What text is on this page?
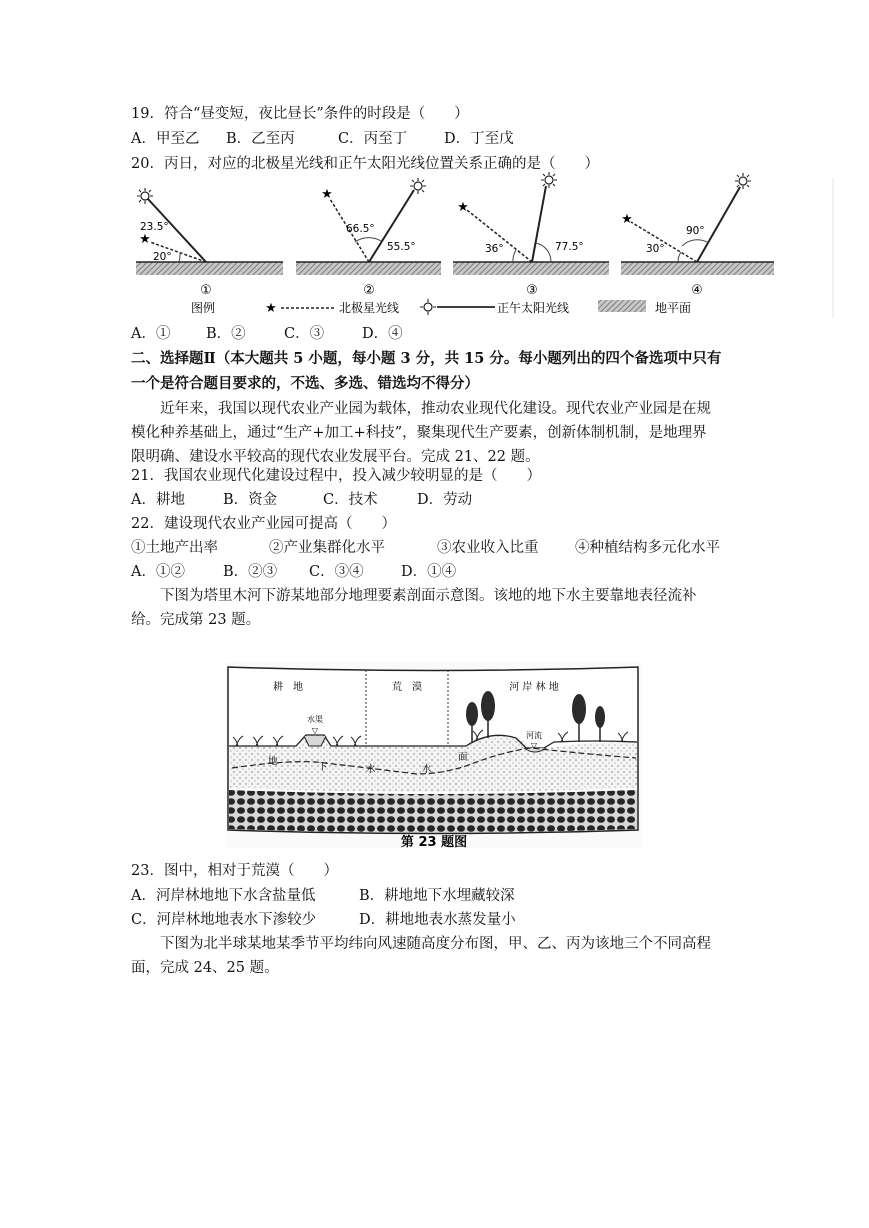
19．符合“昼变短，夜比昼长”条件的时段是（　　）
A．甲至乙 B．乙至丙	C．丙至丁	D．丁至戊
20．丙日，对应的北极星光线和正午太阳光线位置关系正确的是（　　）
★
23.5°
20°
①
★
66.5°
55.5°
②
★
36°	77.5°
③
★
30°
90°
④
图例	★	北极星光线	正午太阳光线	地平面
A．① B．②	C．③	D．④
二、选择题Ⅱ（本大题共 5 小题，每小题 3 分，共 15 分。每小题列出的四个备选项中只有
一个是符合题目要求的，不选、多选、错选均不得分）
近年来，我国以现代农业产业园为载体，推动农业现代化建设。现代农业产业园是在规
模化种养基础上，通过“生产+加工+科技”，聚集现代生产要素，创新体制机制，是地理界
限明确、建设水平较高的现代农业发展平台。完成 21、22 题。
21．我国农业现代化建设过程中，投入减少较明显的是（　　）
A．耕地	B．资金	C．技术	D．劳动
22．建设现代农业产业园可提高（　　）
①土地产出率	②产业集群化水平	③农业收入比重	④种植结构多元化水平
A．①②	B．②③ C．③④	D．①④
下图为塔里木河下游某地部分地理要素剖面示意图。该地的地下水主要靠地表径流补
给。完成第 23 题。
耕　地	荒　漠	河 岸 林 地
水渠
▽
河流
▽
地
下	水	水
面
第 23 题图
23．图中，相对于荒漠（　　）
A．河岸林地地下水含盐量低	B．耕地地下水埋藏较深
C．河岸林地地表水下渗较少	D．耕地地表水蒸发量小
下图为北半球某地某季节平均纬向风速随高度分布图，甲、乙、丙为该地三个不同高程
面，完成 24、25 题。
